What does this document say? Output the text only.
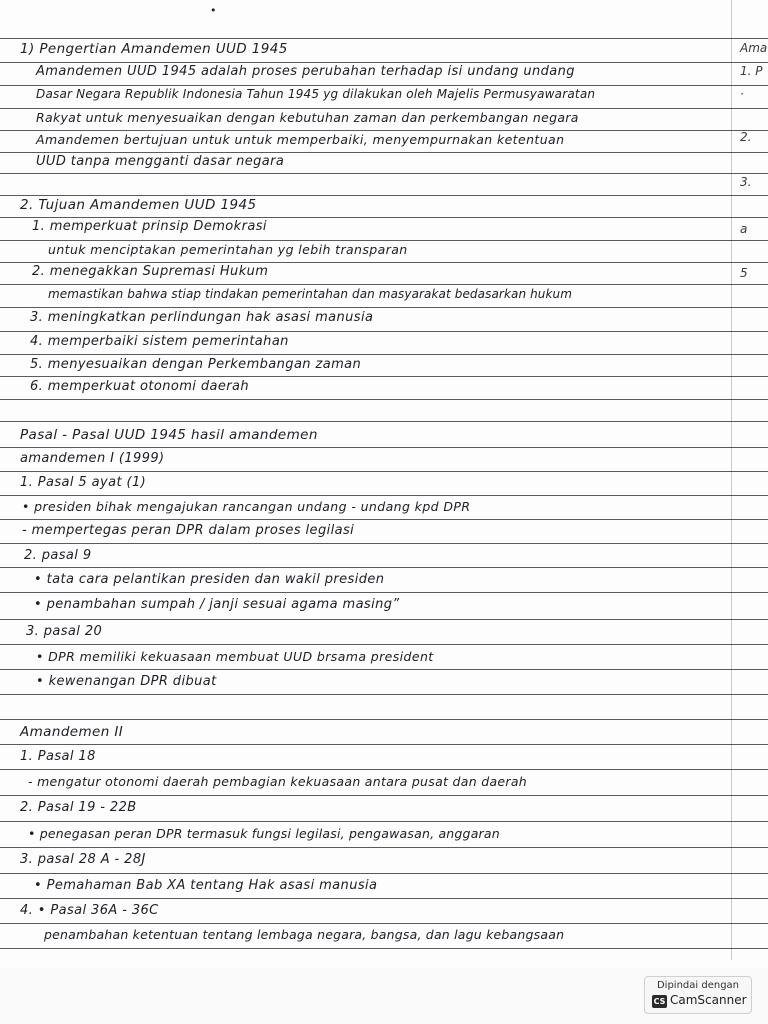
•
1) Pengertian Amandemen UUD 1945
Amandemen UUD 1945 adalah proses perubahan terhadap isi undang undang
Dasar Negara Republik Indonesia Tahun 1945 yg dilakukan oleh Majelis Permusyawaratan
Rakyat untuk menyesuaikan dengan kebutuhan zaman dan perkembangan negara
Amandemen bertujuan untuk untuk memperbaiki, menyempurnakan ketentuan
UUD tanpa mengganti dasar negara
2. Tujuan Amandemen UUD 1945
1. memperkuat prinsip Demokrasi
untuk menciptakan pemerintahan yg lebih transparan
2. menegakkan Supremasi Hukum
memastikan bahwa stiap tindakan pemerintahan dan masyarakat bedasarkan hukum
3. meningkatkan perlindungan hak asasi manusia
4. memperbaiki sistem pemerintahan
5. menyesuaikan dengan Perkembangan zaman
6. memperkuat otonomi daerah
Pasal - Pasal UUD 1945 hasil amandemen
amandemen I (1999)
1. Pasal 5 ayat (1)
• presiden bihak mengajukan rancangan undang - undang kpd DPR
- mempertegas peran DPR dalam proses legilasi
2. pasal 9
• tata cara pelantikan presiden dan wakil presiden
• penambahan sumpah / janji sesuai agama masing”
3. pasal 20
• DPR memiliki kekuasaan membuat UUD brsama president
• kewenangan DPR dibuat
Amandemen II
1. Pasal 18
- mengatur otonomi daerah pembagian kekuasaan antara pusat dan daerah
2. Pasal 19 - 22B
• penegasan peran DPR termasuk fungsi legilasi, pengawasan, anggaran
3. pasal 28 A - 28J
• Pemahaman Bab XA tentang Hak asasi manusia
4. • Pasal 36A - 36C
penambahan ketentuan tentang lembaga negara, bangsa, dan lagu kebangsaan
Ama
1. P
·
2.
3.
a
5
Dipindai dengan
CS CamScanner
